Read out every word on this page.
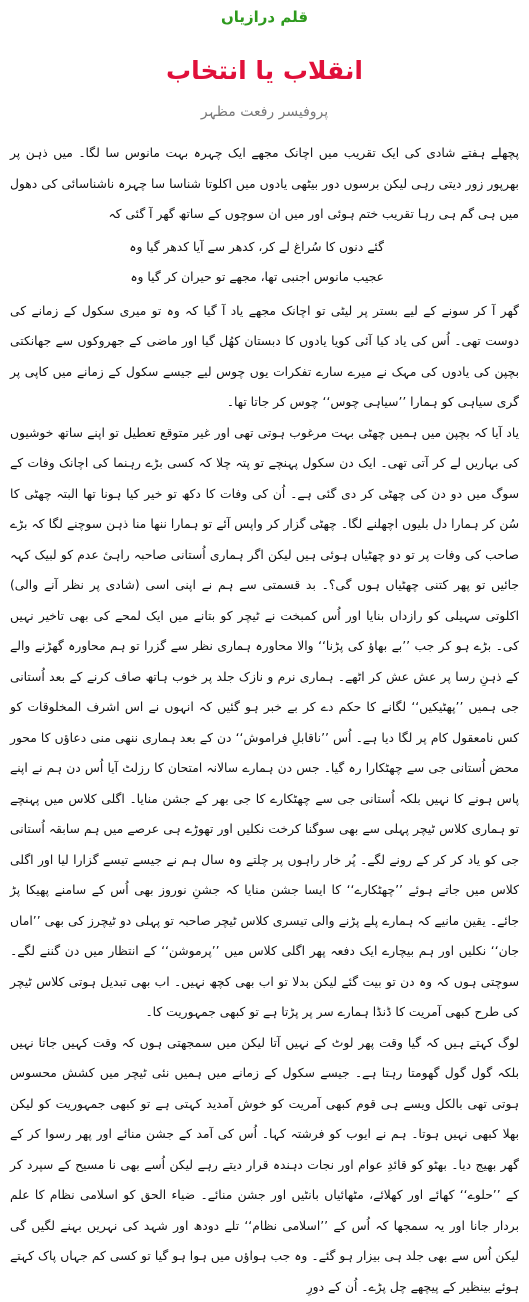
قلم درازیاں
انقلاب یا انتخاب
پروفیسر رفعت مظہر

پچھلے ہفتے شادی کی ایک تقریب میں اچانک مجھے ایک چہرہ بہت مانوس سا لگا۔ میں ذہن پر بھرپور زور دیتی رہی لیکن برسوں دور بیٹھی یادوں میں اکلوتا شناسا سا چہرہ ناشناسائی کی دھول میں ہی گم ہی رہا تقریب ختم ہوئی اور میں ان سوچوں کے ساتھ گھر آ گئی کہ

گئے دنوں کا سُراغ لے کر، کدھر سے آیا کدھر گیا وہ

عجیب مانوس اجنبی تھا، مجھے تو حیران کر گیا وہ

گھر آ کر سونے کے لیے بستر پر لیٹی تو اچانک مجھے یاد آ گیا کہ وہ تو میری سکول کے زمانے کی دوست تھی۔ اُس کی یاد کیا آئی کویا یادوں کا دبستان کھُل گیا اور ماضی کے جھروکوں سے جھانکتی بچپن کی یادوں کی مہک نے میرے سارے تفکرات یوں چوس لیے جیسے سکول کے زمانے میں کاپی پر گری سیاہی کو ہمارا ’’سیاہی چوس‘‘ چوس کر جاتا تھا۔

یاد آیا کہ بچپن میں ہمیں چھٹی بہت مرغوب ہوتی تھی اور غیر متوقع تعطیل تو اپنے ساتھ خوشیوں کی بہاریں لے کر آتی تھی۔ ایک دن سکول پہنچے تو پتہ چلا کہ کسی بڑے رہنما کی اچانک وفات کے سوگ میں دو دن کی چھٹی کر دی گئی ہے۔ اُن کی وفات کا دکھ تو خیر کیا ہونا تھا البتہ چھٹی کا سُن کر ہمارا دل بلیوں اچھلنے لگا۔ چھٹی گزار کر واپس آئے تو ہمارا ننھا منا ذہن سوچنے لگا کہ بڑے صاحب کی وفات پر تو دو چھٹیاں ہوئی ہیں لیکن اگر ہماری اُستانی صاحبہ راہیٔ عدم کو لبیک کہہ جائیں تو پھر کتنی چھٹیاں ہوں گی؟۔ بد قسمتی سے ہم نے اپنی اسی (شادی پر نظر آنے والی) اکلوتی سہیلی کو رازداں بنایا اور اُس کمبخت نے ٹیچر کو بتانے میں ایک لمحے کی بھی تاخیر نہیں کی۔ بڑے ہو کر جب ’’بے بھاؤ کی پڑنا‘‘ والا محاورہ ہماری نظر سے گزرا تو ہم محاورہ گھڑنے والے کے ذہنِ رسا پر عش عش کر اٹھے۔ ہماری نرم و نازک جلد پر خوب ہاتھ صاف کرنے کے بعد اُستانی جی ہمیں ’’پھٹیکیں‘‘ لگانے کا حکم دے کر بے خبر ہو گئیں کہ انہوں نے اس اشرف المخلوقات کو کس نامعقول کام پر لگا دیا ہے۔ اُس ’’ناقابلِ فراموش‘‘ دن کے بعد ہماری ننھی منی دعاؤں کا محور محض اُستانی جی سے چھٹکارا رہ گیا۔ جس دن ہمارے سالانہ امتحان کا رزلٹ آیا اُس دن ہم نے اپنے پاس ہونے کا نہیں بلکہ اُستانی جی سے چھٹکارے کا جی بھر کے جشن منایا۔ اگلی کلاس میں پہنچے تو ہماری کلاس ٹیچر پہلی سے بھی سوگنا کرخت نکلیں اور تھوڑے ہی عرصے میں ہم سابقہ اُستانی جی کو یاد کر کر کے رونے لگے۔ پُر خار راہوں پر چلتے وہ سال ہم نے جیسے تیسے گزارا لیا اور اگلی کلاس میں جاتے ہوئے ’’چھٹکارے‘‘ کا ایسا جشن منایا کہ جشنِ نوروز بھی اُس کے سامنے پھیکا پڑ جائے۔ یقین مانیے کہ ہمارے پلے پڑنے والی تیسری کلاس ٹیچر صاحبہ تو پہلی دو ٹیچرز کی بھی ’’اماں جان‘‘ نکلیں اور ہم بیچارے ایک دفعہ پھر اگلی کلاس میں ’’پرموشن‘‘ کے انتظار میں دن گننے لگے۔ سوچتی ہوں کہ وہ دن تو بیت گئے لیکن بدلا تو اب بھی کچھ نہیں۔ اب بھی تبدیل ہوتی کلاس ٹیچر کی طرح کبھی آمریت کا ڈنڈا ہمارے سر پر پڑتا ہے تو کبھی جمہوریت کا۔

لوگ کہتے ہیں کہ گیا وقت پھر لوٹ کے نہیں آتا لیکن میں سمجھتی ہوں کہ وقت کہیں جاتا نہیں بلکہ گول گول گھومتا رہتا ہے۔ جیسے سکول کے زمانے میں ہمیں نئی ٹیچر میں کشش محسوس ہوتی تھی بالکل ویسے ہی قوم کبھی آمریت کو خوش آمدید کہتی ہے تو کبھی جمہوریت کو لیکن بھلا کبھی نہیں ہوتا۔ ہم نے ایوب کو فرشتہ کہا۔ اُس کی آمد کے جشن منائے اور پھر رسوا کر کے گھر بھیج دیا۔ بھٹو کو قائدِ عوام اور نجات دہندہ قرار دیتے رہے لیکن اُسے بھی نا مسیح کے سپرد کر کے ’’حلوے‘‘ کھائے اور کھلائے، مٹھائیاں بانٹیں اور جشن منائے۔ ضیاء الحق کو اسلامی نظام کا علم بردار جانا اور یہ سمجھا کہ اُس کے ’’اسلامی نظام‘‘ تلے دودھ اور شہد کی نہریں بہنے لگیں گی لیکن اُس سے بھی جلد ہی بیزار ہو گئے۔ وہ جب ہواؤں میں ہوا ہو گیا تو کسی کم جہاں پاک کہتے ہوئے بینظیر کے پیچھے چل پڑے۔ اُن کے دورِ
